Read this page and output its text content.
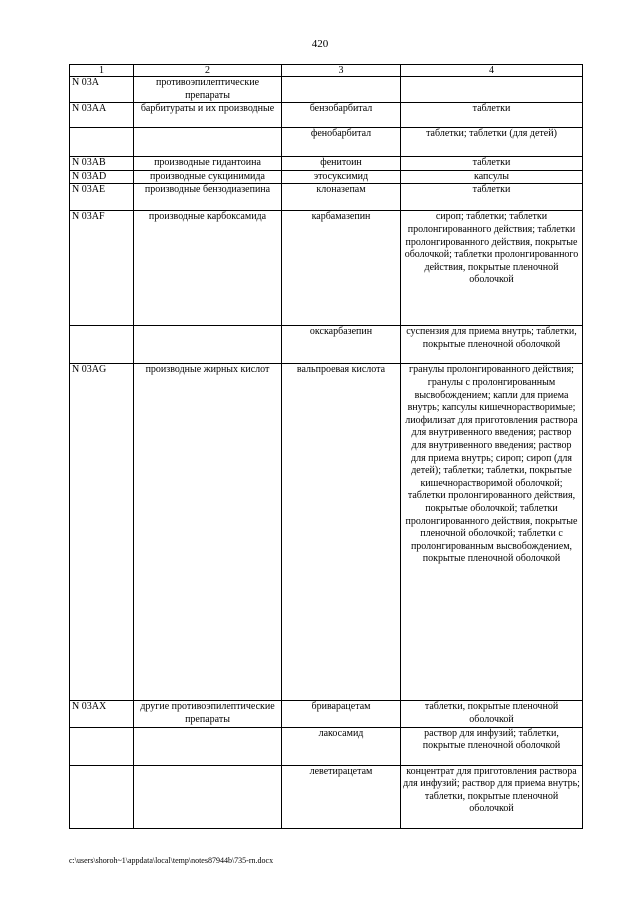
420
1	2	3	4
N 03A	противоэпилептические препараты		
N 03AA	барбитураты и их производные	бензобарбитал	таблетки
		фенобарбитал	таблетки; таблетки (для детей)
N 03AB	производные гидантоина	фенитоин	таблетки
N 03AD	производные сукцинимида	этосуксимид	капсулы
N 03AE	производные бензодиазепина	клоназепам	таблетки
N 03AF	производные карбоксамида	карбамазепин	сироп; таблетки; таблетки пролонгированного действия; таблетки пролонгированного действия, покрытые оболочкой; таблетки пролонгированного действия, покрытые пленочной оболочкой
		окскарбазепин	суспензия для приема внутрь; таблетки, покрытые пленочной оболочкой
N 03AG	производные жирных кислот	вальпроевая кислота	гранулы пролонгированного действия; гранулы с пролонгированным высвобождением; капли для приема внутрь; капсулы кишечнорастворимые; лиофилизат для приготовления раствора для внутривенного введения; раствор для внутривенного введения; раствор для приема внутрь; сироп; сироп (для детей); таблетки; таблетки, покрытые кишечнорастворимой оболочкой; таблетки пролонгированного действия, покрытые оболочкой; таблетки пролонгированного действия, покрытые пленочной оболочкой; таблетки с пролонгированным высвобождением, покрытые пленочной оболочкой
N 03AX	другие противоэпилептические препараты	бриварацетам	таблетки, покрытые пленочной оболочкой
		лакосамид	раствор для инфузий; таблетки, покрытые пленочной оболочкой
		леветирацетам	концентрат для приготовления раствора для инфузий; раствор для приема внутрь; таблетки, покрытые пленочной оболочкой
c:\users\shoroh~1\appdata\local\temp\notes87944b\735-rn.docx
